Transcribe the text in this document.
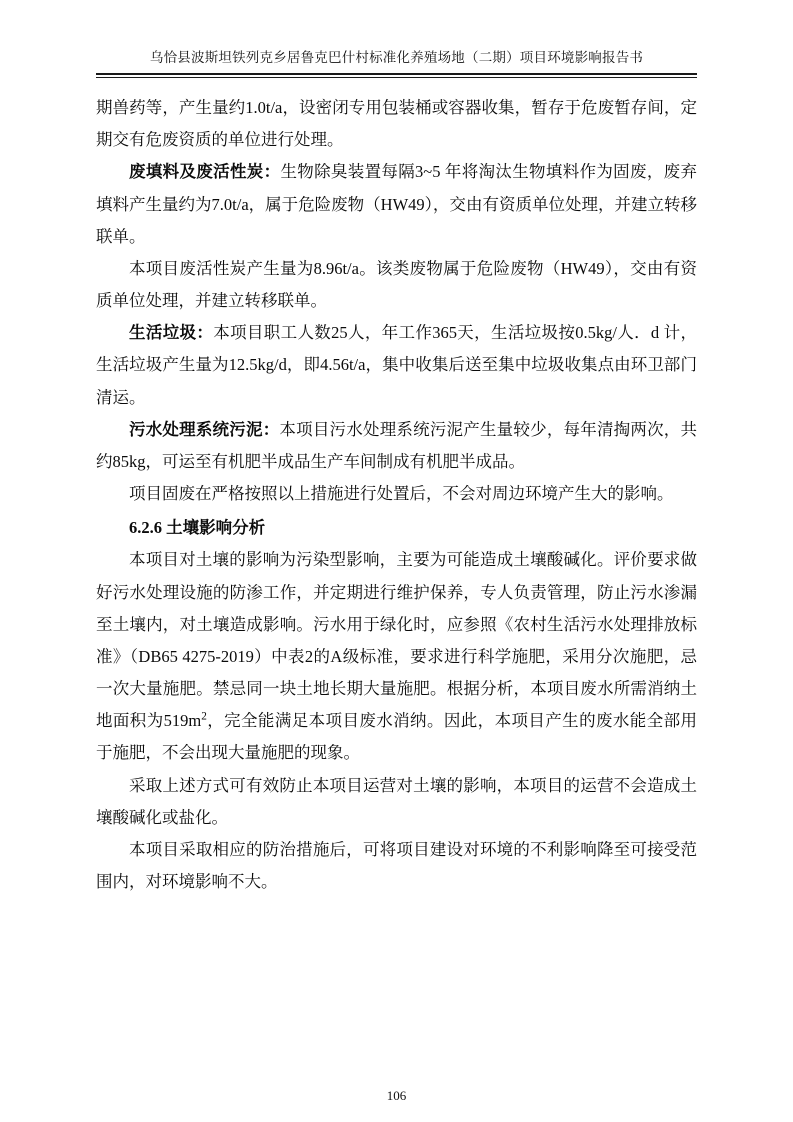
乌恰县波斯坦铁列克乡居鲁克巴什村标准化养殖场地（二期）项目环境影响报告书

期兽药等，产生量约1.0t/a，设密闭专用包装桶或容器收集，暂存于危废暂存间，定期交有危废资质的单位进行处理。

废填料及废活性炭：生物除臭装置每隔3~5 年将淘汰生物填料作为固废，废弃填料产生量约为7.0t/a，属于危险废物（HW49），交由有资质单位处理，并建立转移联单。

本项目废活性炭产生量为8.96t/a。该类废物属于危险废物（HW49），交由有资质单位处理，并建立转移联单。

生活垃圾：本项目职工人数25人，年工作365天，生活垃圾按0.5kg/人．d 计，生活垃圾产生量为12.5kg/d，即4.56t/a，集中收集后送至集中垃圾收集点由环卫部门清运。

污水处理系统污泥：本项目污水处理系统污泥产生量较少，每年清掏两次，共约85kg，可运至有机肥半成品生产车间制成有机肥半成品。

项目固废在严格按照以上措施进行处置后，不会对周边环境产生大的影响。

6.2.6 土壤影响分析

本项目对土壤的影响为污染型影响，主要为可能造成土壤酸碱化。评价要求做好污水处理设施的防渗工作，并定期进行维护保养，专人负责管理，防止污水渗漏至土壤内，对土壤造成影响。污水用于绿化时，应参照《农村生活污水处理排放标准》（DB65 4275-2019）中表2的A级标准，要求进行科学施肥，采用分次施肥，忌一次大量施肥。禁忌同一块土地长期大量施肥。根据分析，本项目废水所需消纳土地面积为$519m^2$，完全能满足本项目废水消纳。因此，本项目产生的废水能全部用于施肥，不会出现大量施肥的现象。

采取上述方式可有效防止本项目运营对土壤的影响，本项目的运营不会造成土壤酸碱化或盐化。

本项目采取相应的防治措施后，可将项目建设对环境的不利影响降至可接受范围内，对环境影响不大。

106
